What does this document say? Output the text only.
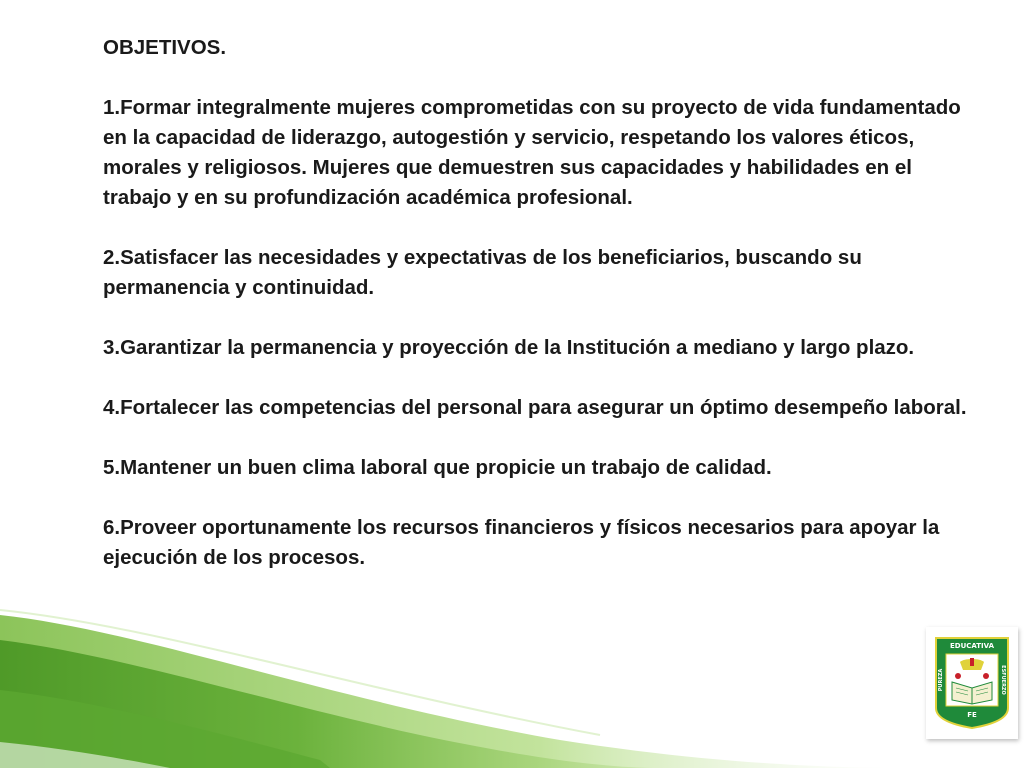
OBJETIVOS.
1.Formar integralmente mujeres comprometidas con su proyecto de vida fundamentado en la capacidad de liderazgo, autogestión y servicio, respetando los valores éticos, morales y religiosos. Mujeres que demuestren sus capacidades y habilidades en el trabajo y en su profundización académica profesional.
2.Satisfacer las necesidades y expectativas de los beneficiarios, buscando su permanencia y continuidad.
3.Garantizar la permanencia y proyección de la Institución a mediano y largo plazo.
4.Fortalecer las competencias del personal para asegurar un óptimo desempeño laboral.
5.Mantener un buen clima laboral que propicie un trabajo de calidad.
6.Proveer oportunamente los recursos financieros y físicos necesarios para apoyar la ejecución de los procesos.
EDUCATIVA
PUREZA	ESFUERZO
FE
